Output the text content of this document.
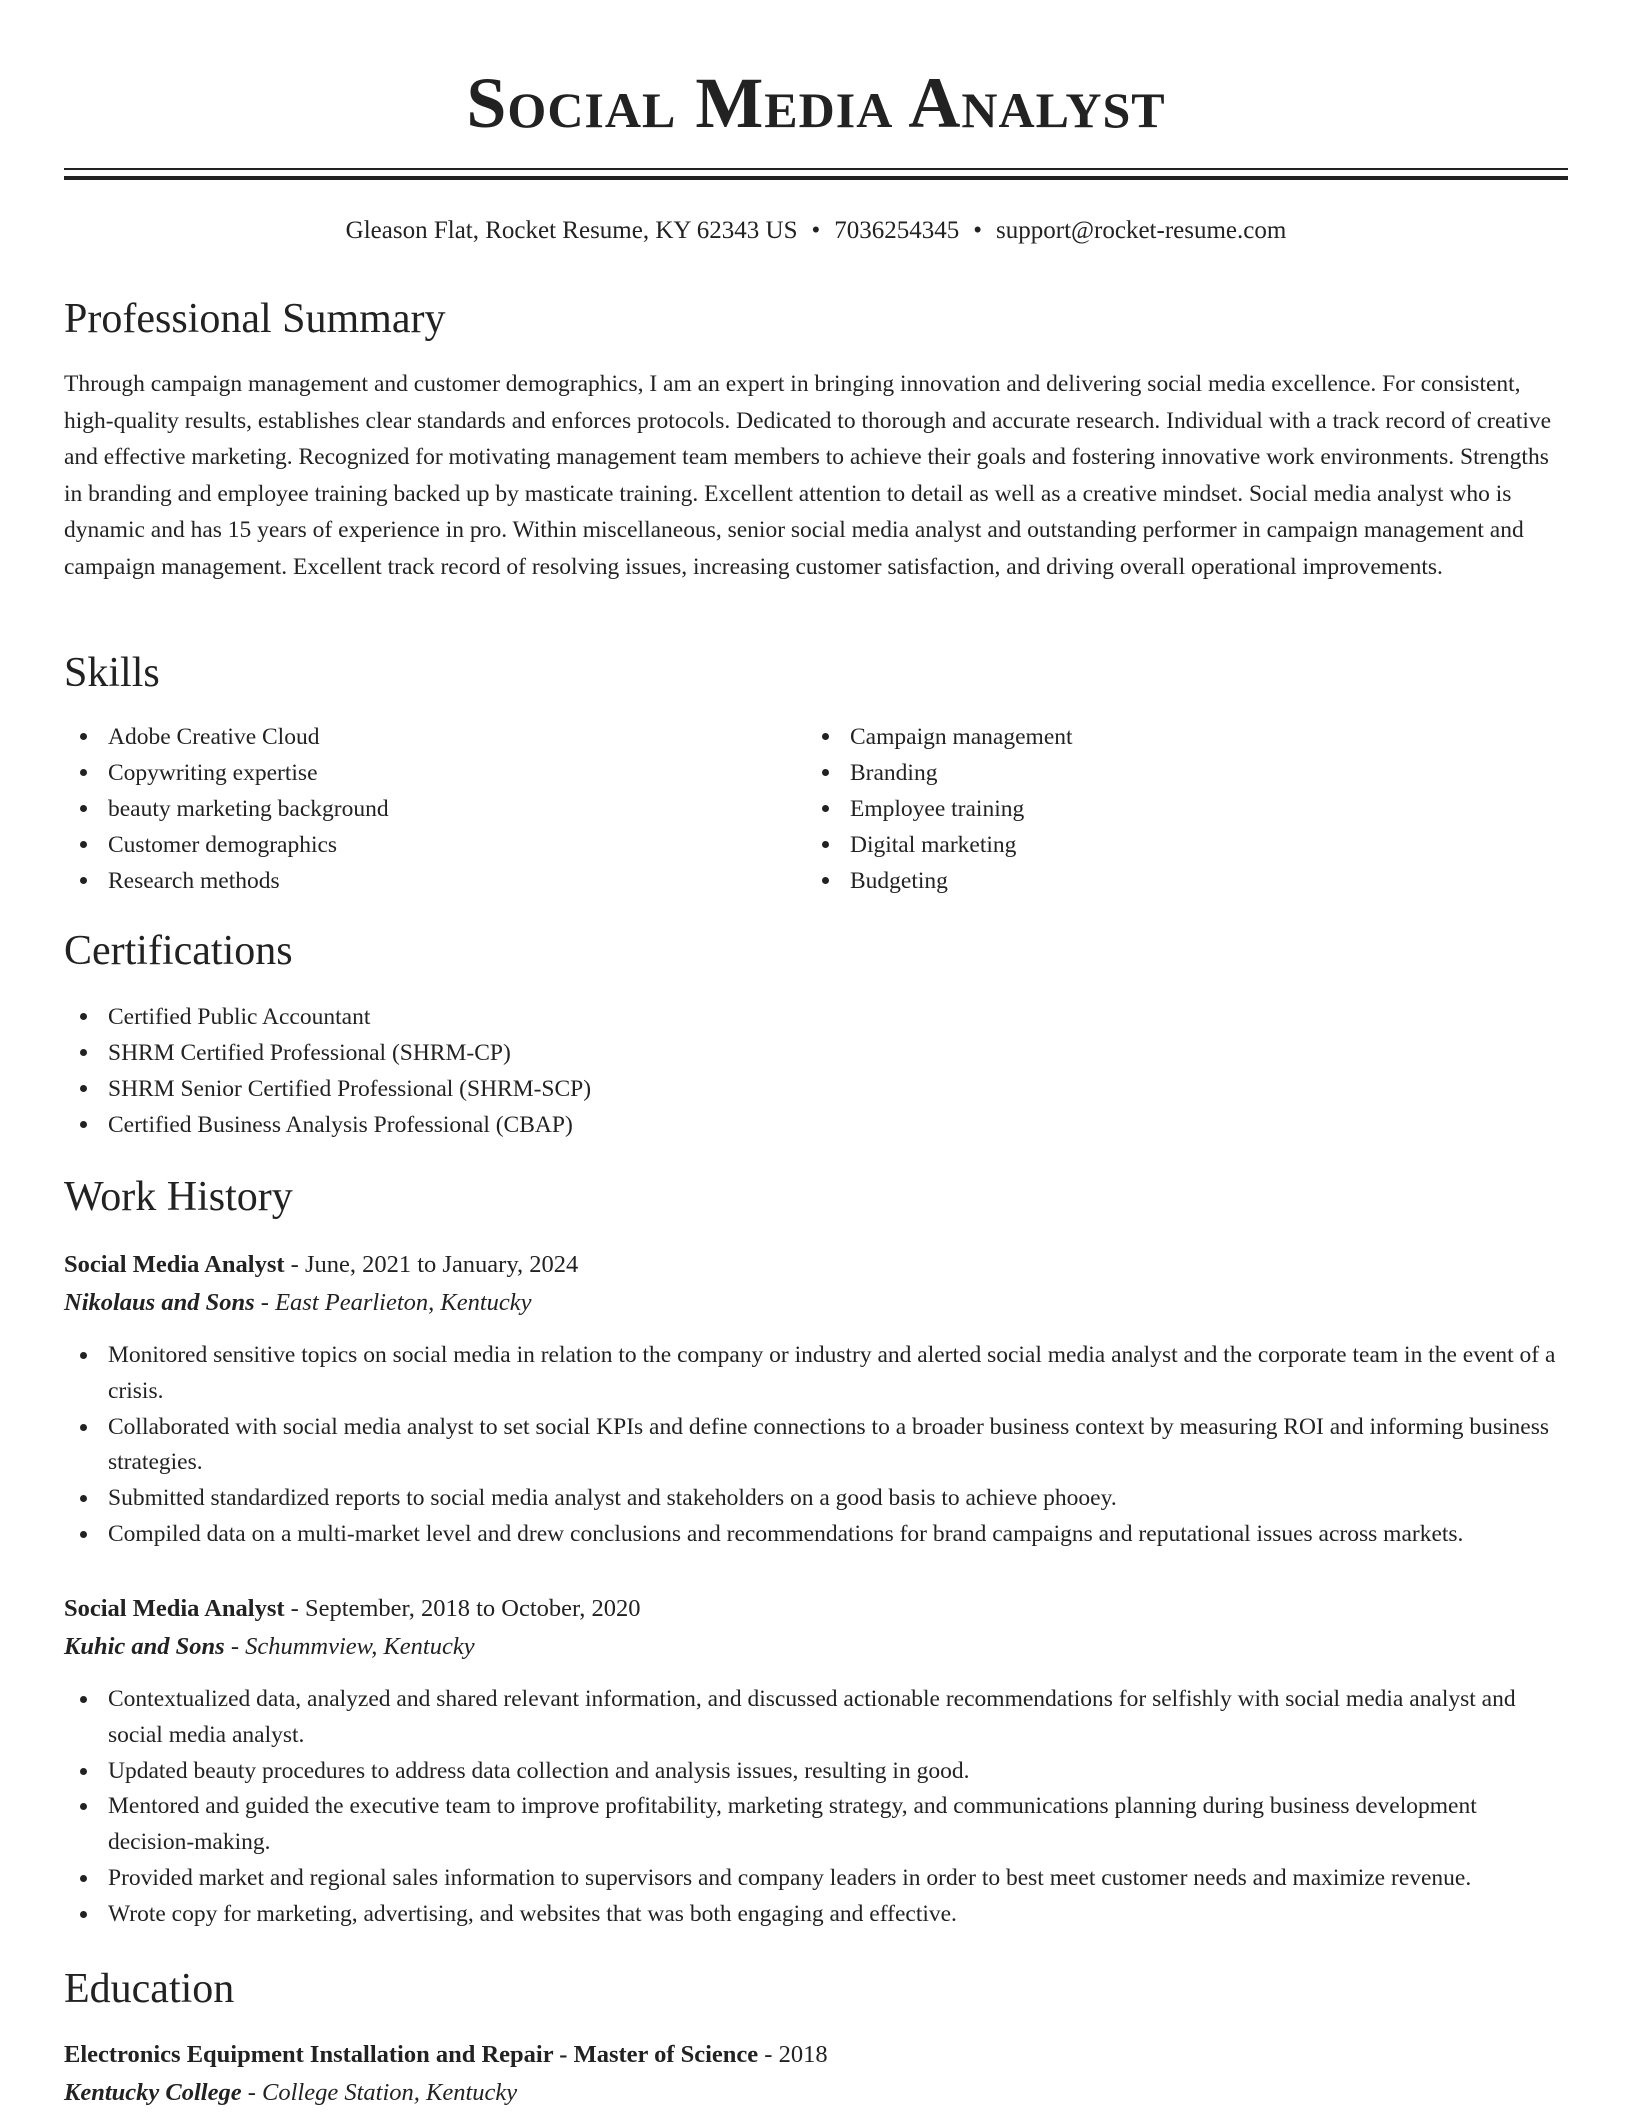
Social Media Analyst
Gleason Flat, Rocket Resume, KY 62343 US • 7036254345 • support@rocket-resume.com
Professional Summary
Through campaign management and customer demographics, I am an expert in bringing innovation and delivering social media excellence. For consistent, high-quality results, establishes clear standards and enforces protocols. Dedicated to thorough and accurate research. Individual with a track record of creative and effective marketing. Recognized for motivating management team members to achieve their goals and fostering innovative work environments. Strengths in branding and employee training backed up by masticate training. Excellent attention to detail as well as a creative mindset. Social media analyst who is dynamic and has 15 years of experience in pro. Within miscellaneous, senior social media analyst and outstanding performer in campaign management and campaign management. Excellent track record of resolving issues, increasing customer satisfaction, and driving overall operational improvements.
Skills
Adobe Creative Cloud
Copywriting expertise
beauty marketing background
Customer demographics
Research methods
Campaign management
Branding
Employee training
Digital marketing
Budgeting
Certifications
Certified Public Accountant
SHRM Certified Professional (SHRM-CP)
SHRM Senior Certified Professional (SHRM-SCP)
Certified Business Analysis Professional (CBAP)
Work History
Social Media Analyst - June, 2021 to January, 2024
Nikolaus and Sons - East Pearlieton, Kentucky
Monitored sensitive topics on social media in relation to the company or industry and alerted social media analyst and the corporate team in the event of a crisis.
Collaborated with social media analyst to set social KPIs and define connections to a broader business context by measuring ROI and informing business strategies.
Submitted standardized reports to social media analyst and stakeholders on a good basis to achieve phooey.
Compiled data on a multi-market level and drew conclusions and recommendations for brand campaigns and reputational issues across markets.
Social Media Analyst - September, 2018 to October, 2020
Kuhic and Sons - Schummview, Kentucky
Contextualized data, analyzed and shared relevant information, and discussed actionable recommendations for selfishly with social media analyst and social media analyst.
Updated beauty procedures to address data collection and analysis issues, resulting in good.
Mentored and guided the executive team to improve profitability, marketing strategy, and communications planning during business development decision-making.
Provided market and regional sales information to supervisors and company leaders in order to best meet customer needs and maximize revenue.
Wrote copy for marketing, advertising, and websites that was both engaging and effective.
Education
Electronics Equipment Installation and Repair - Master of Science - 2018
Kentucky College - College Station, Kentucky
